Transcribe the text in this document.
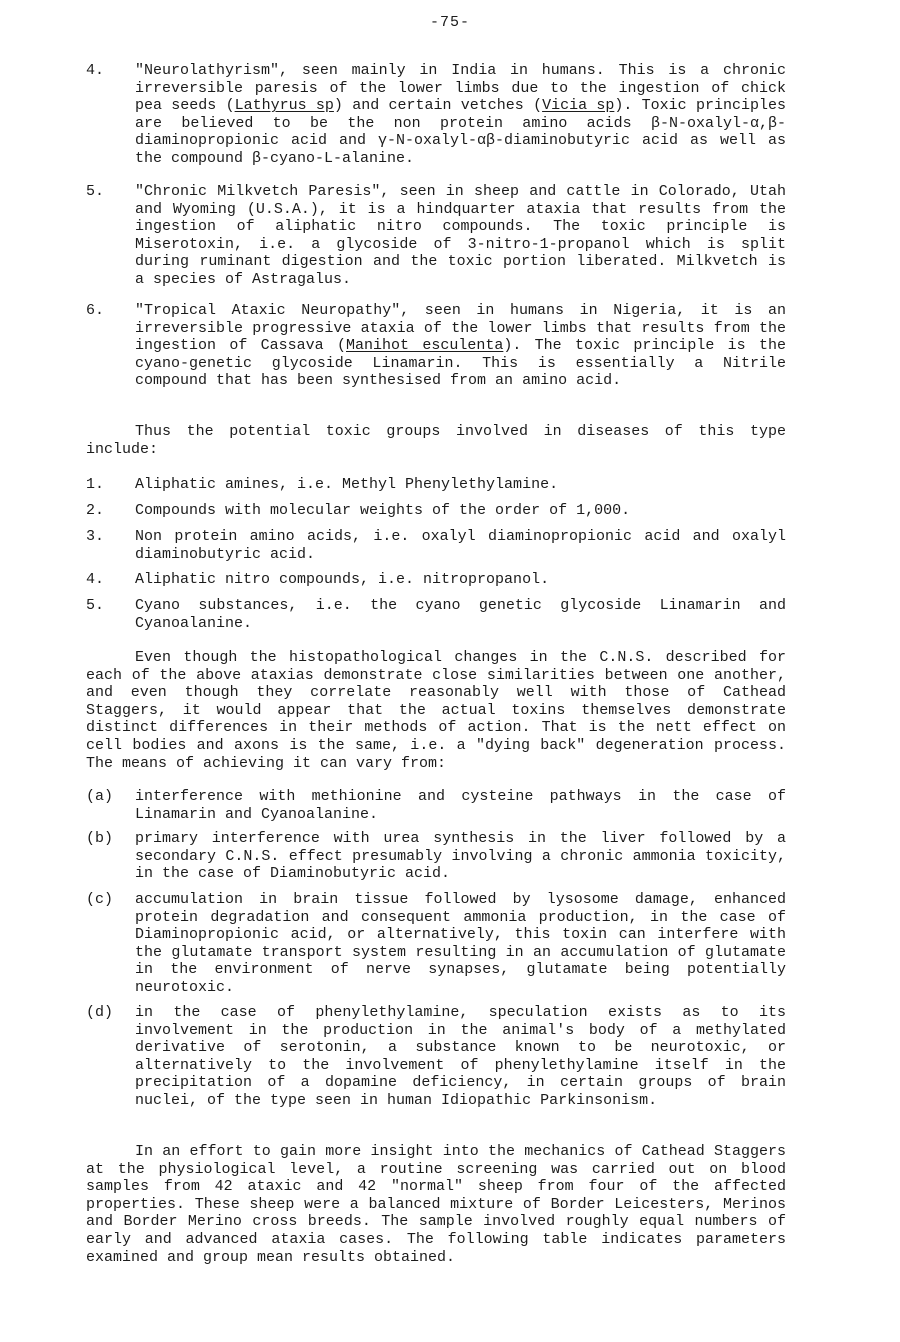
-75-
4.	"Neurolathyrism", seen mainly in India in humans. This is a chronic irreversible paresis of the lower limbs due to the ingestion of chick pea seeds (Lathyrus sp) and certain vetches (Vicia sp). Toxic principles are believed to be the non protein amino acids β-N-oxalyl-α,β-diaminopropionic acid and γ-N-oxalyl-αβ-diaminobutyric acid as well as the compound β-cyano-L-alanine.
5.	"Chronic Milkvetch Paresis", seen in sheep and cattle in Colorado, Utah and Wyoming (U.S.A.), it is a hindquarter ataxia that results from the ingestion of aliphatic nitro compounds. The toxic principle is Miserotoxin, i.e. a glycoside of 3-nitro-1-propanol which is split during ruminant digestion and the toxic portion liberated. Milkvetch is a species of Astragalus.
6.	"Tropical Ataxic Neuropathy", seen in humans in Nigeria, it is an irreversible progressive ataxia of the lower limbs that results from the ingestion of Cassava (Manihot esculenta). The toxic principle is the cyano-genetic glycoside Linamarin. This is essentially a Nitrile compound that has been synthesised from an amino acid.
Thus the potential toxic groups involved in diseases of this type include:
1.	Aliphatic amines, i.e. Methyl Phenylethylamine.
2.	Compounds with molecular weights of the order of 1,000.
3.	Non protein amino acids, i.e. oxalyl diaminopropionic acid and oxalyl diaminobutyric acid.
4.	Aliphatic nitro compounds, i.e. nitropropanol.
5.	Cyano substances, i.e. the cyano genetic glycoside Linamarin and Cyanoalanine.
Even though the histopathological changes in the C.N.S. described for each of the above ataxias demonstrate close similarities between one another, and even though they correlate reasonably well with those of Cathead Staggers, it would appear that the actual toxins themselves demonstrate distinct differences in their methods of action. That is the nett effect on cell bodies and axons is the same, i.e. a "dying back" degeneration process. The means of achieving it can vary from:
(a)	interference with methionine and cysteine pathways in the case of Linamarin and Cyanoalanine.
(b)	primary interference with urea synthesis in the liver followed by a secondary C.N.S. effect presumably involving a chronic ammonia toxicity, in the case of Diaminobutyric acid.
(c)	accumulation in brain tissue followed by lysosome damage, enhanced protein degradation and consequent ammonia production, in the case of Diaminopropionic acid, or alternatively, this toxin can interfere with the glutamate transport system resulting in an accumulation of glutamate in the environment of nerve synapses, glutamate being potentially neurotoxic.
(d)	in the case of phenylethylamine, speculation exists as to its involvement in the production in the animal's body of a methylated derivative of serotonin, a substance known to be neurotoxic, or alternatively to the involvement of phenylethylamine itself in the precipitation of a dopamine deficiency, in certain groups of brain nuclei, of the type seen in human Idiopathic Parkinsonism.
In an effort to gain more insight into the mechanics of Cathead Staggers at the physiological level, a routine screening was carried out on blood samples from 42 ataxic and 42 "normal" sheep from four of the affected properties. These sheep were a balanced mixture of Border Leicesters, Merinos and Border Merino cross breeds. The sample involved roughly equal numbers of early and advanced ataxia cases. The following table indicates parameters examined and group mean results obtained.
